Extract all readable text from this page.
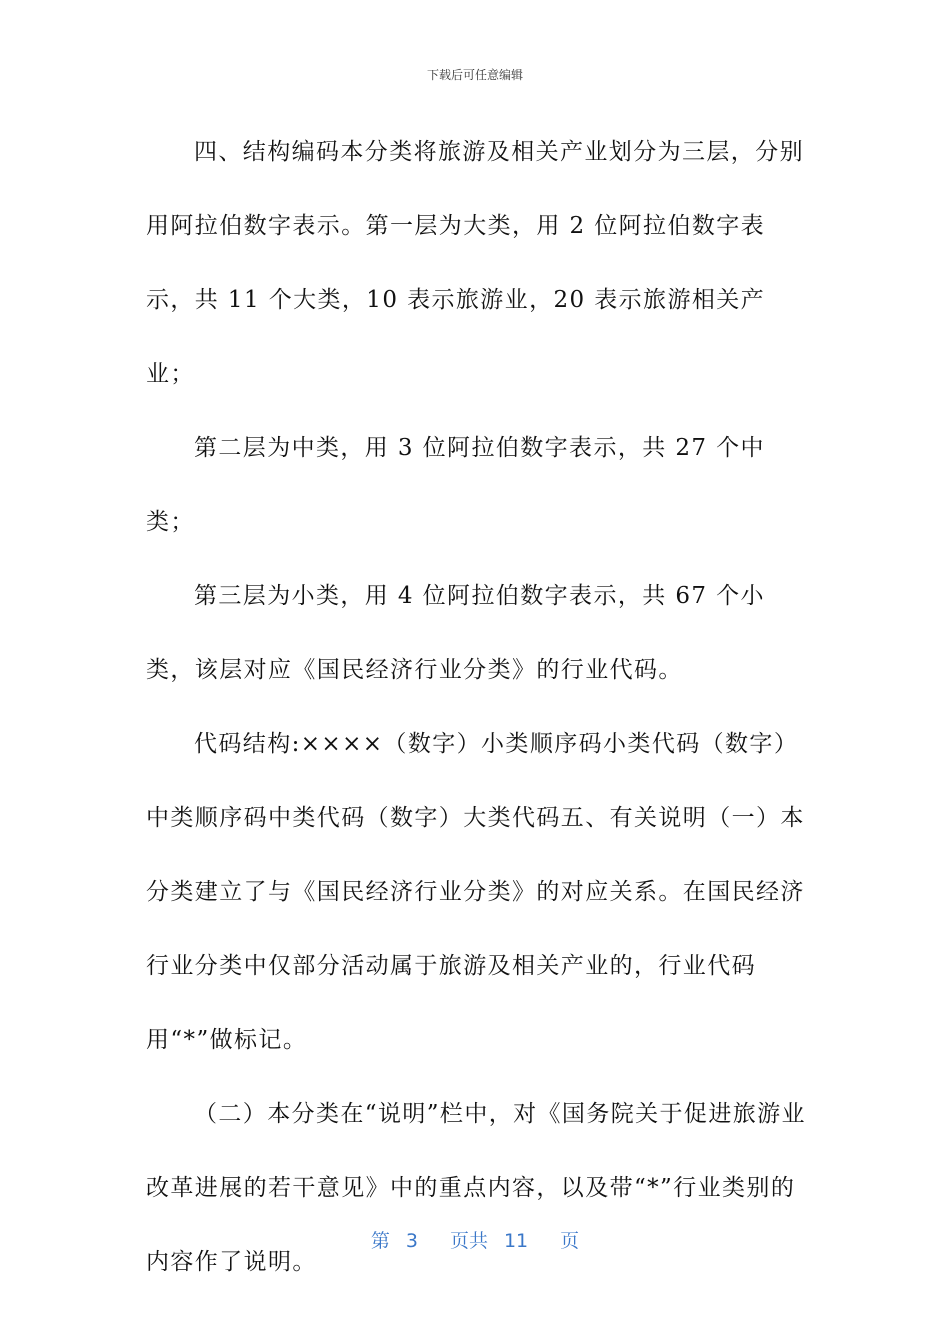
下载后可任意编辑

四、结构编码本分类将旅游及相关产业划分为三层，分别用阿拉伯数字表示。第一层为大类，用 2 位阿拉伯数字表示，共 11 个大类，10 表示旅游业，20 表示旅游相关产业；

第二层为中类，用 3 位阿拉伯数字表示，共 27 个中类；

第三层为小类，用 4 位阿拉伯数字表示，共 67 个小类，该层对应《国民经济行业分类》的行业代码。

代码结构:××××（数字）小类顺序码小类代码（数字）中类顺序码中类代码（数字）大类代码五、有关说明（一）本分类建立了与《国民经济行业分类》的对应关系。在国民经济行业分类中仅部分活动属于旅游及相关产业的，行业代码用“*”做标记。

（二）本分类在“说明”栏中，对《国务院关于促进旅游业改革进展的若干意见》中的重点内容，以及带“*”行业类别的内容作了说明。

第 3 页共 11 页
